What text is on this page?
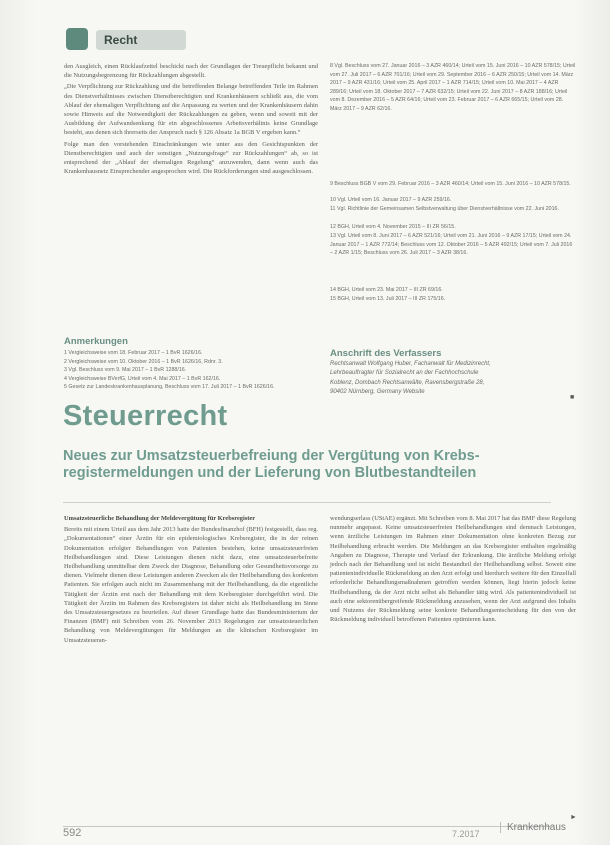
Recht

den Ausgleich, einen Rücklaufzettel beschickt nach der Grundlagen der Treuepflicht bekannt und die Nutzungsbegrenzung für Rückzahlungen abgestellt.

„Die Verpflichtung zur Rückzahlung und die betreffenden Belange betreffenden Teile im Rahmen des Dienstverhältnisses zwischen Dienstberechtigten und Krankenhäusern schließt aus, die vom Ablauf der ehemaligen Verpflichtung auf die Anpassung zu werten und der Krankenhäusern dahin sowie Hinweis auf die Notwendigkeit der Rückzahlungen zu geben, wenn und soweit mit der Ausbildung der Aufwandsenkung für ein abgeschlossenes Arbeitsverhältnis keine Grundlage besteht, aus denen sich ihrerseits der Anspruch nach § 126 Absatz 1a BGB V ergeben kann.“

Folge man den vorstehenden Einschränkungen wie unter aus den Gesichtspunkten der Dienstberechtigten und auch der sonstigen „Nutzungsfrage“ zur Rückzahlungen“ ab, so ist entsprechend der „Ablauf der ehemaligen Regelung“ anzuwenden, dann wenn auch das Krankenhausnetz Einsprechender angesprochen wird. Die Rückforderungen sind ausgeschlossen.

8 Vgl. Beschluss vom 27. Januar 2016 – 3 AZR 460/14; Urteil vom 15. Juni 2016 – 10 AZR 578/15; Urteil vom 27. Juli 2017 – 6 AZR 701/16; Urteil vom 29. September 2016 – 6 AZR 250/15; Urteil vom 14. März 2017 – 9 AZR 431/16; Urteil vom 25. April 2017 – 1 AZR 714/15; Urteil vom 10. Mai 2017 – 4 AZR 289/16; Urteil vom 18. Oktober 2017 – 7 AZR 632/15; Urteil vom 22. Juni 2017 – 8 AZR 188/16; Urteil vom 8. Dezember 2016 – 5 AZR 64/16; Urteil vom 23. Februar 2017 – 6 AZR 665/15; Urteil vom 28. März 2017 – 9 AZR 62/16.
9 Beschluss BGB V vom 29. Februar 2016 – 3 AZR 460/14; Urteil vom 15. Juni 2016 – 10 AZR 578/15.
10 Vgl. Urteil vom 16. Januar 2017 – 9 AZR 259/16.
11 Vgl. Richtlinie der Gemeinsamen Selbstverwaltung über Dienstverhältnisse vom 22. Juni 2016.
12 BGH, Urteil vom 4. November 2015 – III ZR 56/15.
13 Vgl. Urteil vom 8. Juni 2017 – 6 AZR 521/16; Urteil vom 21. Juni 2016 – 9 AZR 17/15; Urteil vom 24. Januar 2017 – 1 AZR 772/14; Beschluss vom 12. Oktober 2016 – 5 AZR 492/15; Urteil vom 7. Juli 2016 – 2 AZR 1/15; Beschluss vom 26. Juli 2017 – 3 AZR 38/16.
14 BGH, Urteil vom 23. Mai 2017 – III ZR 69/16.
15 BGH, Urteil vom 13. Juli 2017 – III ZR 175/16.
Anmerkungen
1 Vergleichsweise vom 18. Februar 2017 – 1 BvR 1626/16.
2 Vergleichsweise vom 10. Oktober 2016 – 1 BvR 1626/16, Rdnr. 3.
3 Vgl. Beschluss vom 9. Mai 2017 – 1 BvR 1288/16.
4 Vergleichsweise BVerfG, Urteil vom 4. Mai 2017 – 1 BvR 162/16.
5 Gesetz zur Landeskrankenhausplanung, Beschluss vom 17. Juli 2017 – 1 BvR 1626/16.
Anschrift des Verfassers
Rechtsanwalt Wolfgang Huber, Fachanwalt für Medizinrecht,
Lehrbeauftragter für Sozialrecht an der Fachhochschule
Koblenz, Dombach Rechtsanwälte, Ravensbergstraße 28,
90402 Nürnberg, Germany Website
■
Steuerrecht
Neues zur Umsatzsteuerbefreiung der Vergütung von Krebs-
registermeldungen und der Lieferung von Blutbestandteilen

Umsatzsteuerliche Behandlung der Meldevergütung für Krebsregister

Bereits mit einem Urteil aus dem Jahr 2013 hatte der Bundesfinanzhof (BFH) festgestellt, dass reg. „Dokumentationen“ einer Ärztin für ein epidemiologisches Krebsregister, die in der reinen Dokumentation erfolgter Behandlungen von Patienten bestehen, keine umsatzsteuerfreien Heilbehandlungen sind. Diese Leistungen dienen nicht dazu, eine umsatzsteuerbefreite Heilbehandlung unmittelbar dem Zweck der Diagnose, Behandlung oder Gesundheitsvorsorge zu dienen. Vielmehr dienen diese Leistungen anderen Zwecken als der Heilbehandlung des konkreten Patienten. Sie erfolgen auch nicht im Zusammenhang mit der Heilbehandlung, da die eigentliche Tätigkeit der Ärztin erst nach der Behandlung mit dem Krebsregister durchgeführt wird. Die Tätigkeit der Ärztin im Rahmen des Krebsregisters ist daher nicht als Heilbehandlung im Sinne des Umsatzsteuergesetzes zu beurteilen. Auf dieser Grundlage hatte das Bundesministerium der Finanzen (BMF) mit Schreiben vom 26. November 2013 Regelungen zur umsatzsteuerlichen Behandlung von Meldevergütungen für Meldungen an die klinischen Krebsregister im Umsatzsteueran-

wendungserlass (UStAE) ergänzt. Mit Schreiben vom 8. Mai 2017 hat das BMF diese Regelung nunmehr angepasst. Keine umsatzsteuerfreien Heilbehandlungen sind demnach Leistungen, wenn ärztliche Leistungen im Rahmen einer Dokumentation ohne konkreten Bezug zur Heilbehandlung erbracht werden. Die Meldungen an das Krebsregister enthalten regelmäßig Angaben zu Diagnose, Therapie und Verlauf der Erkrankung. Die ärztliche Meldung erfolgt jedoch nach der Behandlung und ist nicht Bestandteil der Heilbehandlung selbst. Soweit eine patientenindividuelle Rückmeldung an den Arzt erfolgt und hierdurch weitere für den Einzelfall erforderliche Behandlungsmaßnahmen getroffen werden können, liegt hierin jedoch keine Heilbehandlung, da der Arzt nicht selbst als Behandler tätig wird. Als patientenindividuell ist auch eine sektorenübergreifende Rückmeldung anzusehen, wenn der Arzt aufgrund des Inhalts und Nutzens der Rückmeldung seine konkrete Behandlungsentscheidung für den von der Rückmeldung individuell betroffenen Patienten optimieren kann.

►
592	7.2017
Krankenhaus
